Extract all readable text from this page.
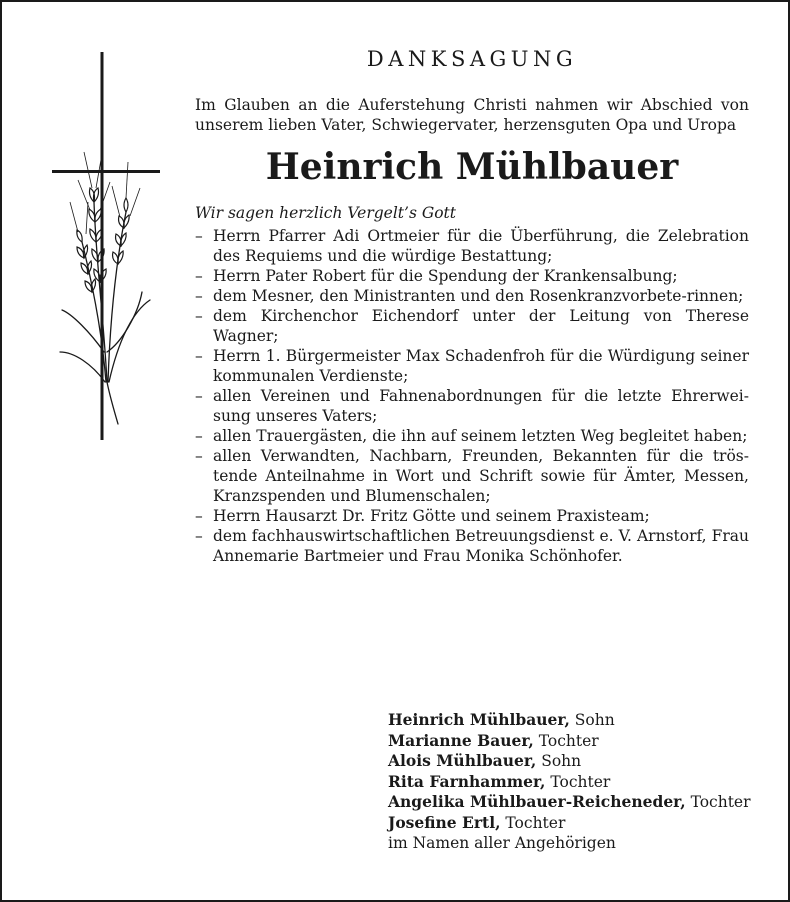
DANKSAGUNG

Im Glauben an die Auferstehung Christi nahmen wir Abschied von unserem lieben Vater, Schwiegervater, herzensguten Opa und Uropa

Heinrich Mühlbauer

Wir sagen herzlich Vergelt’s Gott

– Herrn Pfarrer Adi Ortmeier für die Überführung, die Zelebration des Requiems und die würdige Bestattung;
– Herrn Pater Robert für die Spendung der Krankensalbung;
– dem Mesner, den Ministranten und den Rosenkranzvorbete-rinnen;
– dem Kirchenchor Eichendorf unter der Leitung von Therese Wagner;
– Herrn 1. Bürgermeister Max Schadenfroh für die Würdigung seiner kommunalen Verdienste;
– allen Vereinen und Fahnenabordnungen für die letzte Ehrerwei-sung unseres Vaters;
– allen Trauergästen, die ihn auf seinem letzten Weg begleitet haben;
– allen Verwandten, Nachbarn, Freunden, Bekannten für die trös-tende Anteilnahme in Wort und Schrift sowie für Ämter, Messen, Kranzspenden und Blumenschalen;
– Herrn Hausarzt Dr. Fritz Götte und seinem Praxisteam;
– dem fachhauswirtschaftlichen Betreuungsdienst e. V. Arnstorf, Frau Annemarie Bartmeier und Frau Monika Schönhofer.
Heinrich Mühlbauer, Sohn
Marianne Bauer, Tochter
Alois Mühlbauer, Sohn
Rita Farnhammer, Tochter
Angelika Mühlbauer-Reicheneder, Tochter
Josefine Ertl, Tochter
im Namen aller Angehörigen
